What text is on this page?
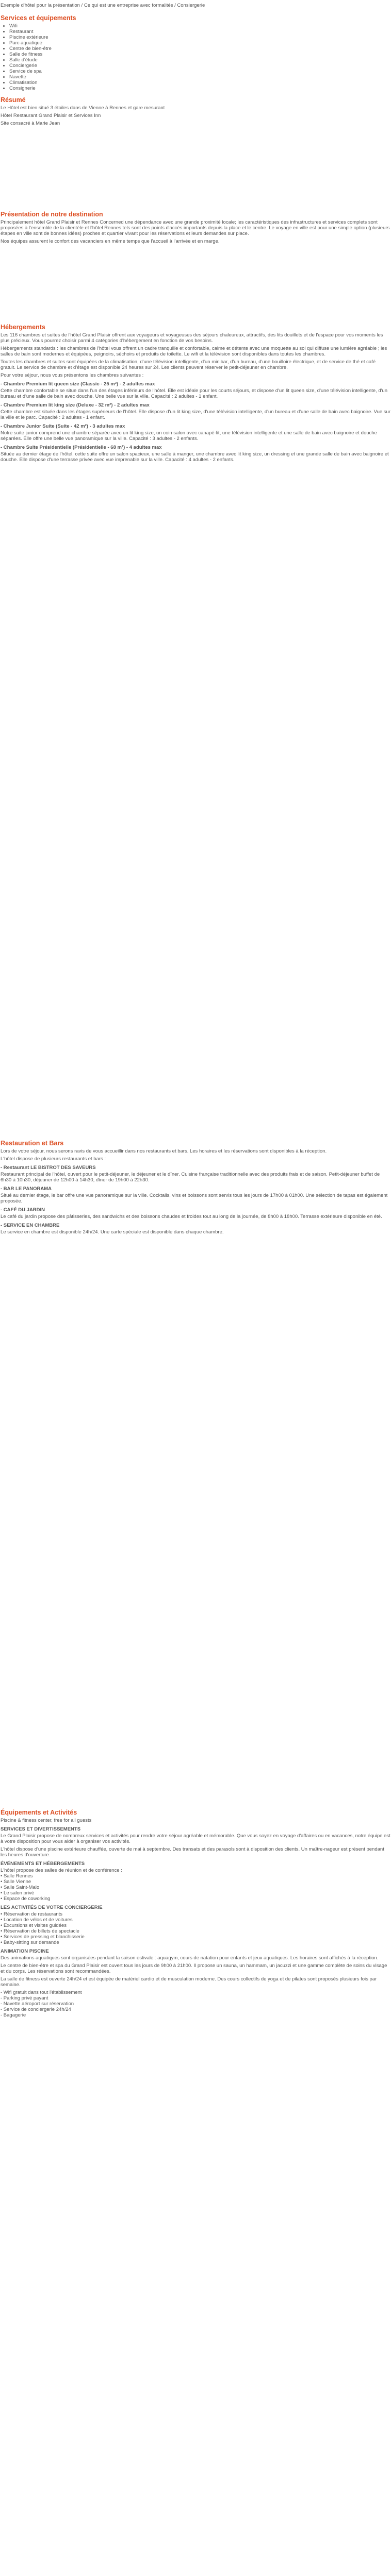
Exemple d'hôtel pour la présentation / Ce qui est une entreprise avec formalités / Consiergerie
Services et équipements
• Wifi
• Restaurant
• Piscine extérieure
• Parc aquatique
• Centre de bien-être
• Salle de fitness
• Salle d'étude
• Conciergerie
• Service de spa
• Navette
• Climatisation
• Consignerie
Résumé
Le Hôtel est bien situé 3 étoiles dans de Vienne à Rennes et gare mesurant
Hôtel Restaurant Grand Plaisir et Services Inn
Site consacré à Marie Jean
Présentation de notre destination
Principalement hôtel Grand Plaisir et Rennes Concerned une dépendance avec une grande proximité locale; les caractéristiques des infrastructures et services complets sont proposées à l'ensemble de la clientèle et l'hôtel Rennes tels sont des points d'accès importants depuis la place et le centre. Le voyage en ville est pour une simple option (plusieurs étapes en ville sont de bonnes idées) proches et quartier vivant pour les réservations et leurs demandes sur place.
Nos équipes assurent le confort des vacanciers en même temps que l'accueil à l'arrivée et en marge.
Hébergements
Les 116 chambres et suites de l'hôtel Grand Plaisir offrent aux voyageurs et voyageuses des séjours chaleureux, attractifs, des lits douillets et de l'espace pour vos moments les plus précieux. Vous pourrez choisir parmi 4 catégories d'hébergement en fonction de vos besoins.
Hébergements standards : les chambres de l'hôtel vous offrent un cadre tranquille et confortable, calme et détente avec une moquette au sol qui diffuse une lumière agréable ; les salles de bain sont modernes et équipées, peignoirs, séchoirs et produits de toilette. Le wifi et la télévision sont disponibles dans toutes les chambres.
Toutes les chambres et suites sont équipées de la climatisation, d'une télévision intelligente, d'un minibar, d'un bureau, d'une bouilloire électrique, et de service de thé et café gratuit. Le service de chambre et d'étage est disponible 24 heures sur 24. Les clients peuvent réserver le petit-déjeuner en chambre.
Pour votre séjour, nous vous présentons les chambres suivantes :
- Chambre Premium lit queen size (Classic - 25 m²) - 2 adultes max
Cette chambre confortable se situe dans l'un des étages inférieurs de l'hôtel. Elle est idéale pour les courts séjours, et dispose d'un lit queen size, d'une télévision intelligente, d'un bureau et d'une salle de bain avec douche. Une belle vue sur la ville. Capacité : 2 adultes - 1 enfant.
- Chambre Premium lit king size (Deluxe - 32 m²) - 2 adultes max
Cette chambre est située dans les étages supérieurs de l'hôtel. Elle dispose d'un lit king size, d'une télévision intelligente, d'un bureau et d'une salle de bain avec baignoire. Vue sur la ville et le parc. Capacité : 2 adultes - 1 enfant.
- Chambre Junior Suite (Suite - 42 m²) - 3 adultes max
Notre suite junior comprend une chambre séparée avec un lit king size, un coin salon avec canapé-lit, une télévision intelligente et une salle de bain avec baignoire et douche séparées. Elle offre une belle vue panoramique sur la ville. Capacité : 3 adultes - 2 enfants.
- Chambre Suite Présidentielle (Présidentielle - 68 m²) - 4 adultes max
Située au dernier étage de l'hôtel, cette suite offre un salon spacieux, une salle à manger, une chambre avec lit king size, un dressing et une grande salle de bain avec baignoire et douche. Elle dispose d'une terrasse privée avec vue imprenable sur la ville. Capacité : 4 adultes - 2 enfants.
Restauration et Bars
Lors de votre séjour, nous serons ravis de vous accueillir dans nos restaurants et bars. Les horaires et les réservations sont disponibles à la réception.
L'hôtel dispose de plusieurs restaurants et bars :
- Restaurant LE BISTROT DES SAVEURS
Restaurant principal de l'hôtel, ouvert pour le petit-déjeuner, le déjeuner et le dîner. Cuisine française traditionnelle avec des produits frais et de saison. Petit-déjeuner buffet de 6h30 à 10h30, déjeuner de 12h00 à 14h30, dîner de 19h00 à 22h30.
- BAR LE PANORAMA
Situé au dernier étage, le bar offre une vue panoramique sur la ville. Cocktails, vins et boissons sont servis tous les jours de 17h00 à 01h00. Une sélection de tapas est également proposée.
- CAFÉ DU JARDIN
Le café du jardin propose des pâtisseries, des sandwichs et des boissons chaudes et froides tout au long de la journée, de 8h00 à 18h00. Terrasse extérieure disponible en été.
- SERVICE EN CHAMBRE
Le service en chambre est disponible 24h/24. Une carte spéciale est disponible dans chaque chambre.
Équipements et Activités
Piscine & fitness center, free for all guests
SERVICES ET DIVERTISSEMENTS
Le Grand Plaisir propose de nombreux services et activités pour rendre votre séjour agréable et mémorable. Que vous soyez en voyage d'affaires ou en vacances, notre équipe est à votre disposition pour vous aider à organiser vos activités.
L'hôtel dispose d'une piscine extérieure chauffée, ouverte de mai à septembre. Des transats et des parasols sont à disposition des clients. Un maître-nageur est présent pendant les heures d'ouverture.
ÉVÉNEMENTS ET HÉBERGEMENTS
L'hôtel propose des salles de réunion et de conférence :
• Salle Rennes
• Salle Vienne
• Salle Saint-Malo
• Le salon privé
• Espace de coworking
LES ACTIVITÉS DE VOTRE CONCIERGERIE
• Réservation de restaurants
• Location de vélos et de voitures
• Excursions et visites guidées
• Réservation de billets de spectacle
• Services de pressing et blanchisserie
• Baby-sitting sur demande
ANIMATION PISCINE
Des animations aquatiques sont organisées pendant la saison estivale : aquagym, cours de natation pour enfants et jeux aquatiques. Les horaires sont affichés à la réception.
Le centre de bien-être et spa du Grand Plaisir est ouvert tous les jours de 9h00 à 21h00. Il propose un sauna, un hammam, un jacuzzi et une gamme complète de soins du visage et du corps. Les réservations sont recommandées.
La salle de fitness est ouverte 24h/24 et est équipée de matériel cardio et de musculation moderne. Des cours collectifs de yoga et de pilates sont proposés plusieurs fois par semaine.
- Wifi gratuit dans tout l'établissement
- Parking privé payant
- Navette aéroport sur réservation
- Service de conciergerie 24h/24
- Bagagerie
